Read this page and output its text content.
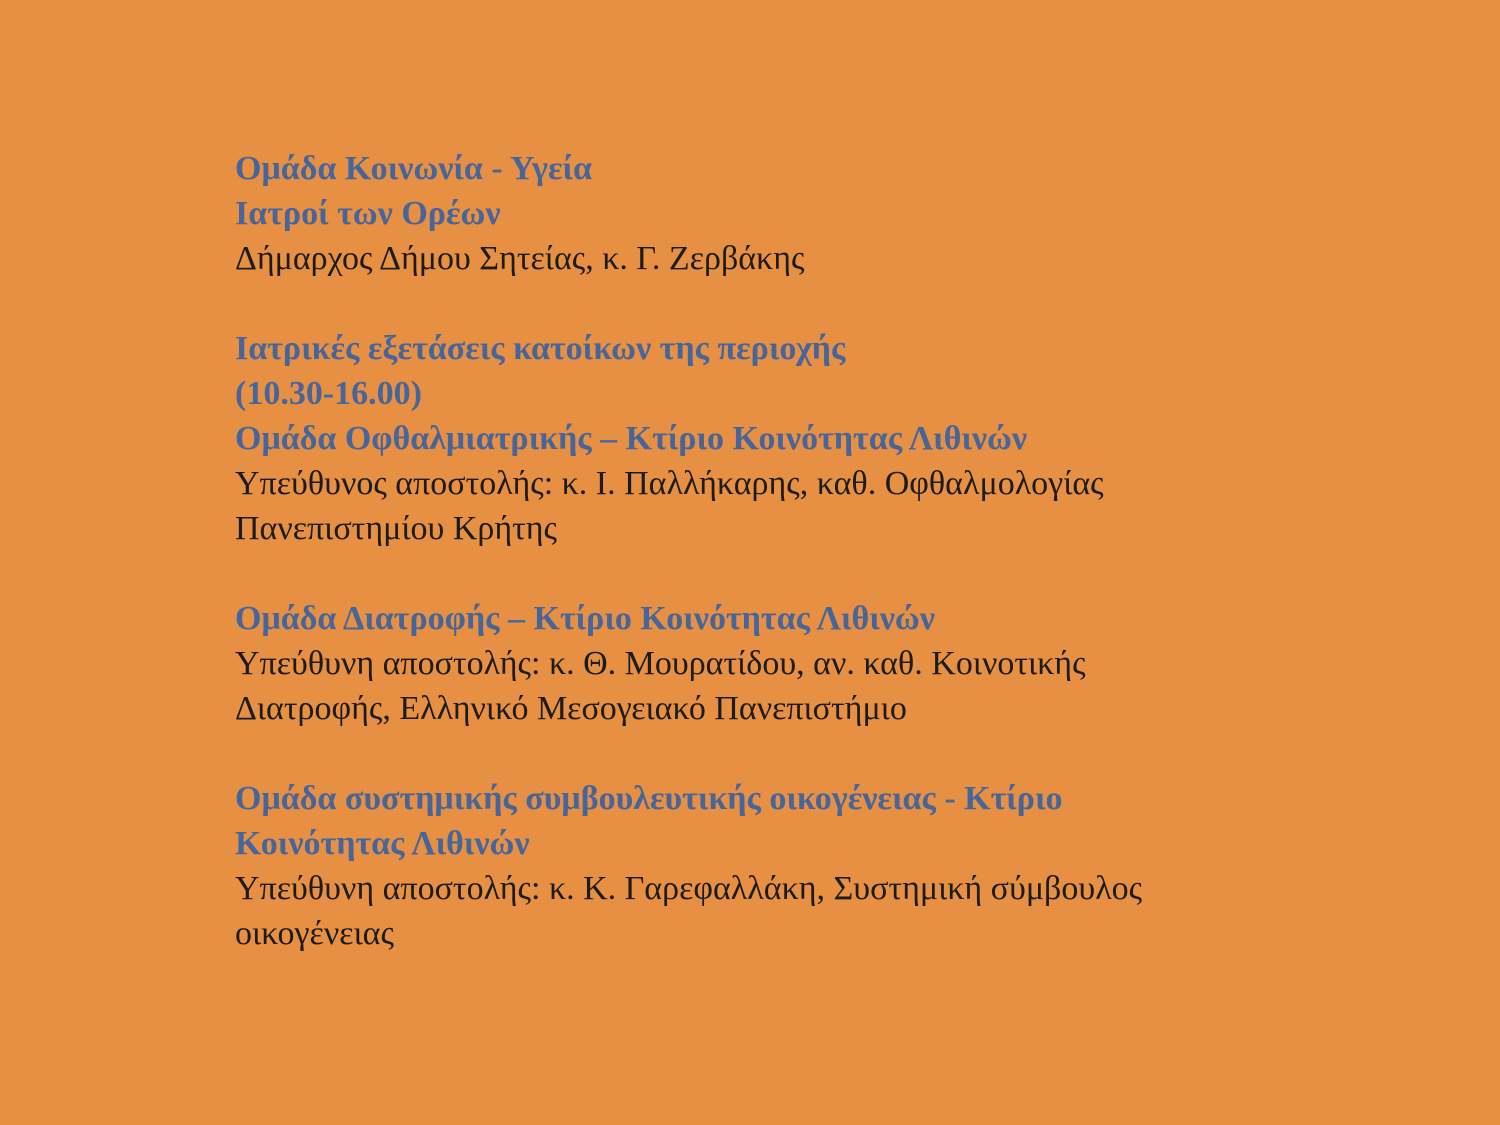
Ομάδα Κοινωνία - Υγεία
Ιατροί των Ορέων
Δήμαρχος Δήμου Σητείας, κ. Γ. Ζερβάκης
Ιατρικές εξετάσεις κατοίκων της περιοχής
(10.30-16.00)
Ομάδα Οφθαλμιατρικής – Κτίριο Κοινότητας Λιθινών
Υπεύθυνος αποστολής: κ. Ι. Παλλήκαρης, καθ. Οφθαλμολογίας
Πανεπιστημίου Κρήτης
Ομάδα Διατροφής – Κτίριο Κοινότητας Λιθινών
Υπεύθυνη αποστολής: κ. Θ. Μουρατίδου, αν. καθ. Κοινοτικής
Διατροφής, Ελληνικό Μεσογειακό Πανεπιστήμιο
Ομάδα συστημικής συμβουλευτικής οικογένειας - Κτίριο
Κοινότητας Λιθινών
Υπεύθυνη αποστολής: κ. Κ. Γαρεφαλλάκη, Συστημική σύμβουλος
οικογένειας
